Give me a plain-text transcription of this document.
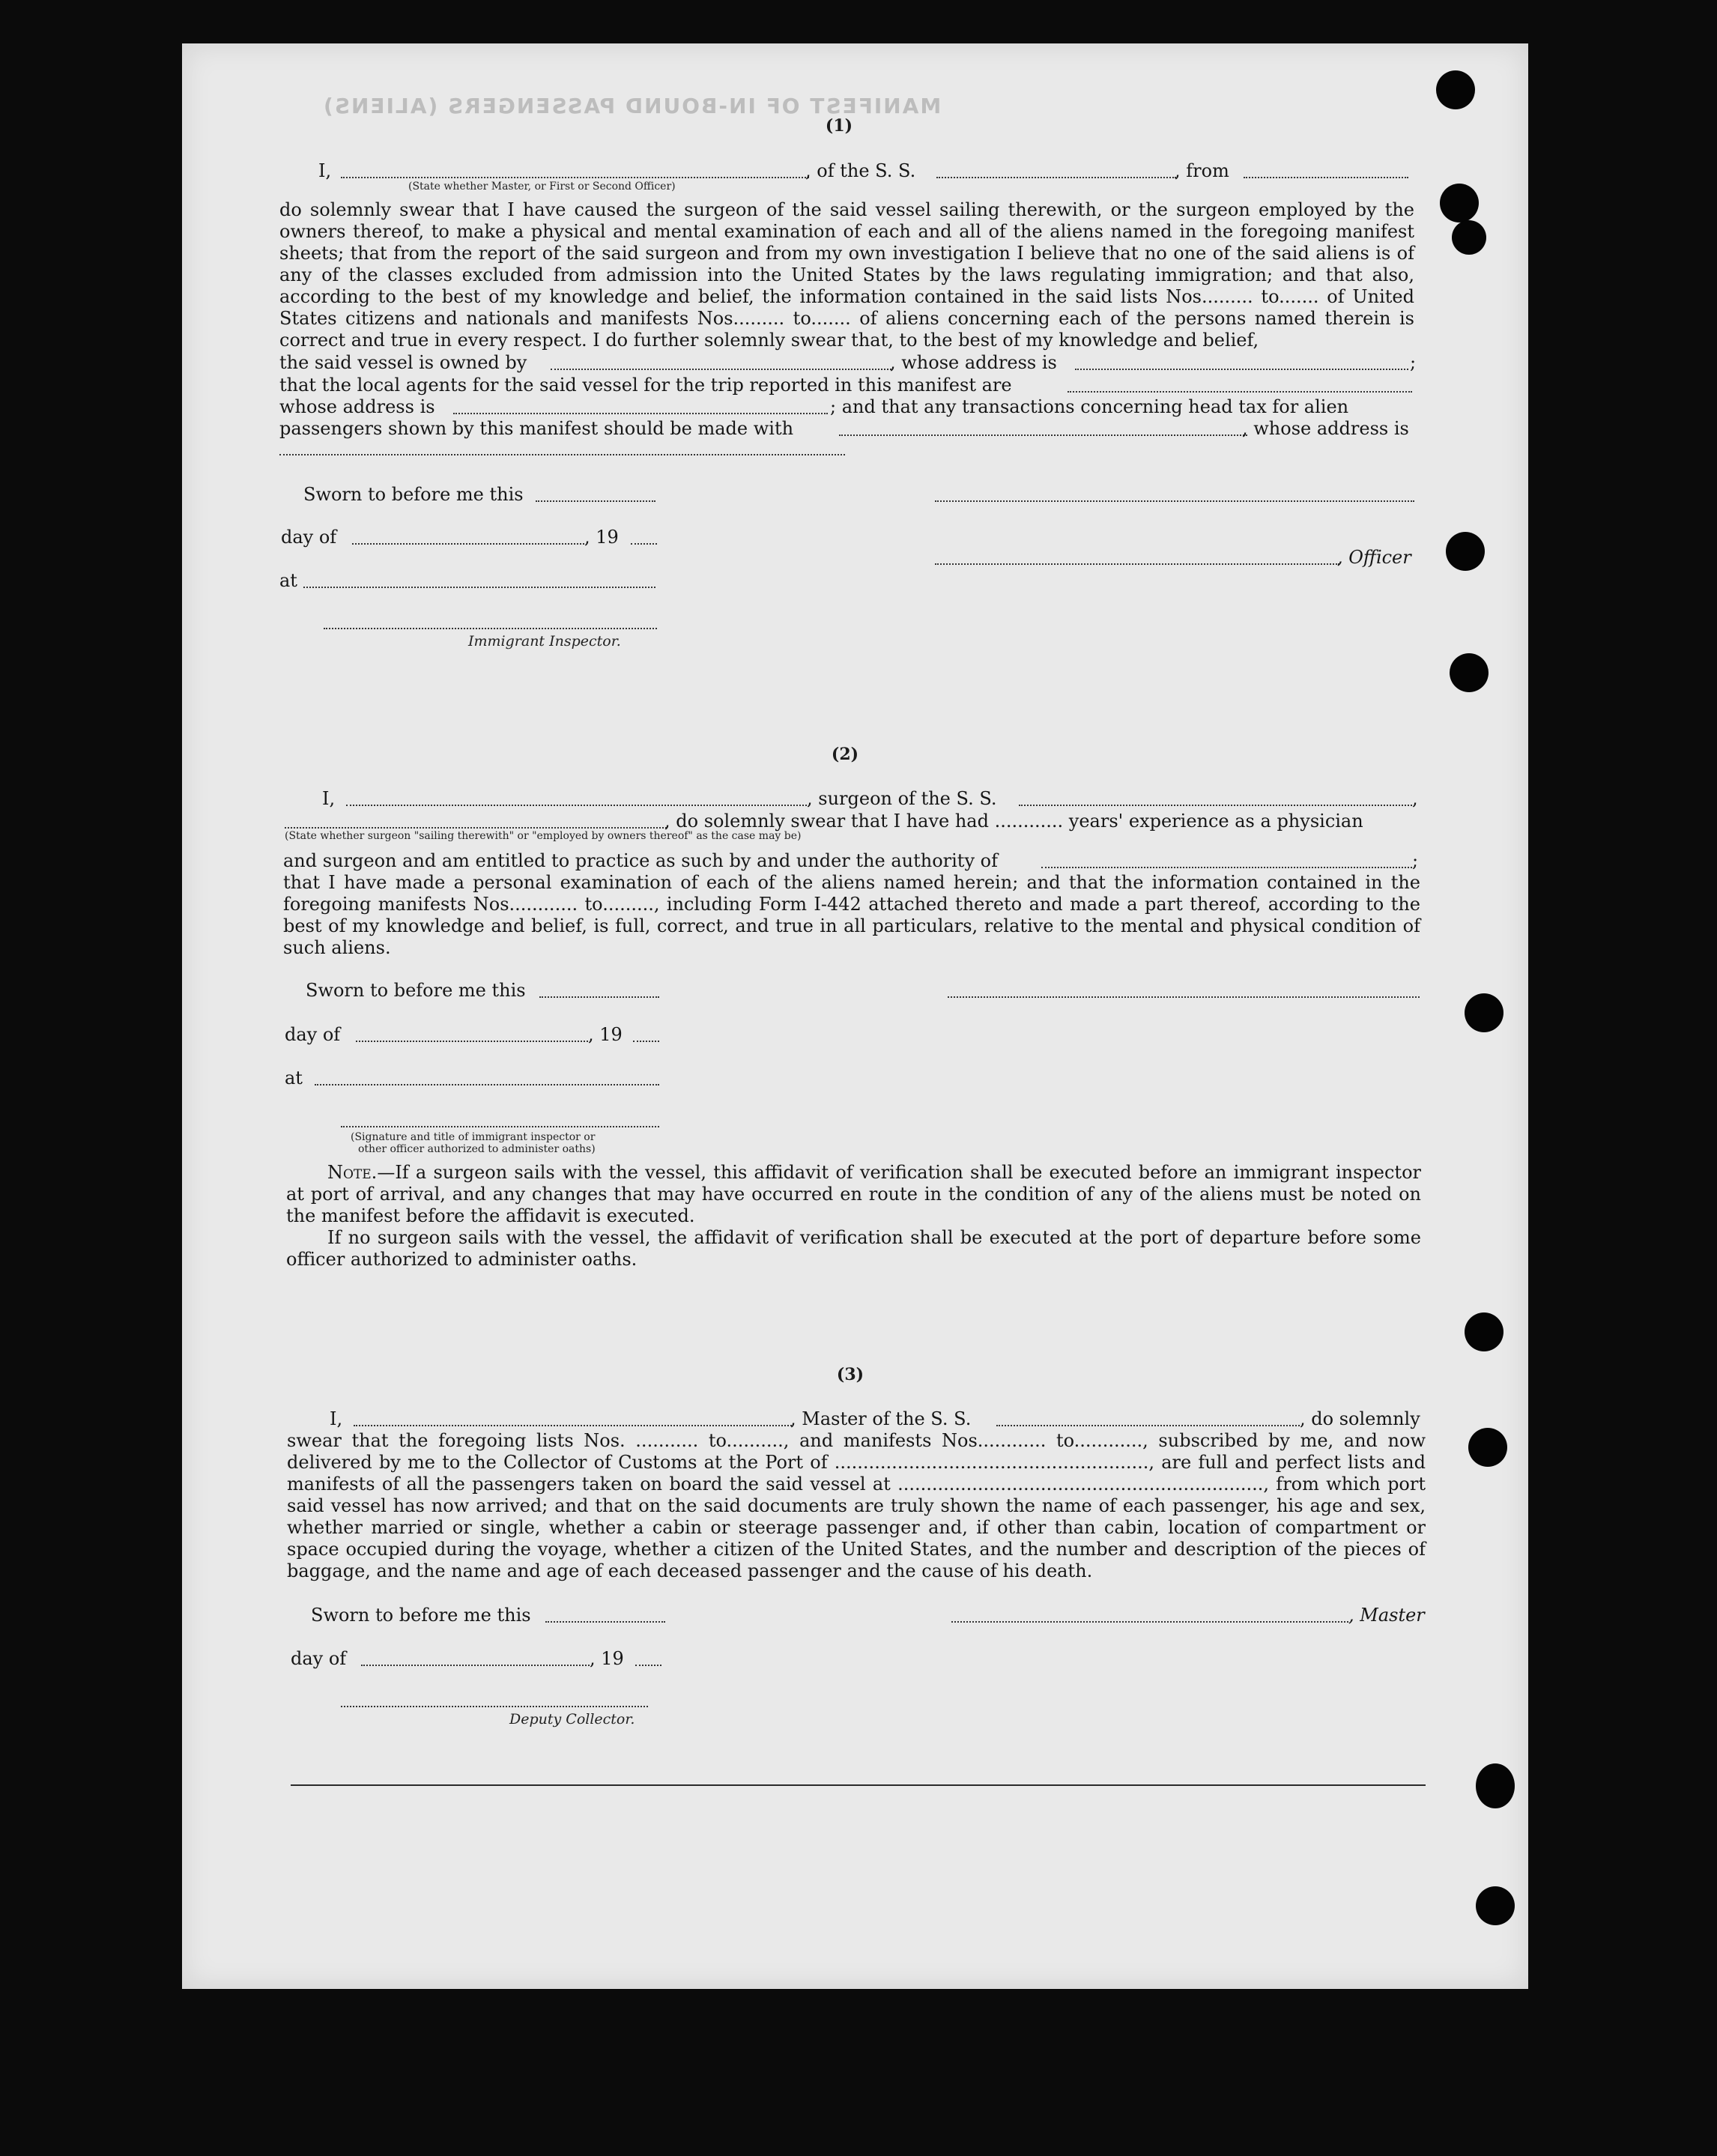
MANIFEST OF IN-BOUND PASSENGERS (ALIENS)
(1)
I,	, of the S. S.	, from
(State whether Master, or First or Second Officer)
do solemnly swear that I have caused the surgeon of the said vessel sailing therewith, or the surgeon employed by the owners thereof, to make a physical and mental examination of each and all of the aliens named in the foregoing manifest sheets; that from the report of the said surgeon and from my own investigation I believe that no one of the said aliens is of any of the classes excluded from admission into the United States by the laws regulating immigration; and that also, according to the best of my knowledge and belief, the information contained in the said lists Nos......... to....... of United States citizens and nationals and manifests Nos......... to....... of aliens concerning each of the persons named therein is correct and true in every respect. I do further solemnly swear that, to the best of my knowledge and belief,
the said vessel is owned by	, whose address is	;
that the local agents for the said vessel for the trip reported in this manifest are
whose address is	; and that any transactions concerning head tax for alien
passengers shown by this manifest should be made with	, whose address is
Sworn to before me this
day of	, 19
, Officer
at
Immigrant Inspector.
(2)
I,	, surgeon of the S. S.	,
, do solemnly swear that I have had ............ years' experience as a physician
(State whether surgeon "sailing therewith" or "employed by owners thereof" as the case may be)
and surgeon and am entitled to practice as such by and under the authority of	;
that I have made a personal examination of each of the aliens named herein; and that the information contained in the foregoing manifests Nos............ to........., including Form I-442 attached thereto and made a part thereof, according to the best of my knowledge and belief, is full, correct, and true in all particulars, relative to the mental and physical condition of such aliens.
Sworn to before me this
day of	, 19
at
(Signature and title of immigrant inspector or
other officer authorized to administer oaths)
Note.—If a surgeon sails with the vessel, this affidavit of verification shall be executed before an immigrant inspector at port of arrival, and any changes that may have occurred en route in the condition of any of the aliens must be noted on the manifest before the affidavit is executed.
If no surgeon sails with the vessel, the affidavit of verification shall be executed at the port of departure before some officer authorized to administer oaths.
(3)
I,	, Master of the S. S.	, do solemnly
swear that the foregoing lists Nos. ........... to.........., and manifests Nos............ to............, subscribed by me, and now delivered by me to the Collector of Customs at the Port of ......................................................., are full and perfect lists and manifests of all the passengers taken on board the said vessel at ................................................................, from which port said vessel has now arrived; and that on the said documents are truly shown the name of each passenger, his age and sex, whether married or single, whether a cabin or steerage passenger and, if other than cabin, location of compartment or space occupied during the voyage, whether a citizen of the United States, and the number and description of the pieces of baggage, and the name and age of each deceased passenger and the cause of his death.
Sworn to before me this	, Master
day of	, 19
Deputy Collector.
